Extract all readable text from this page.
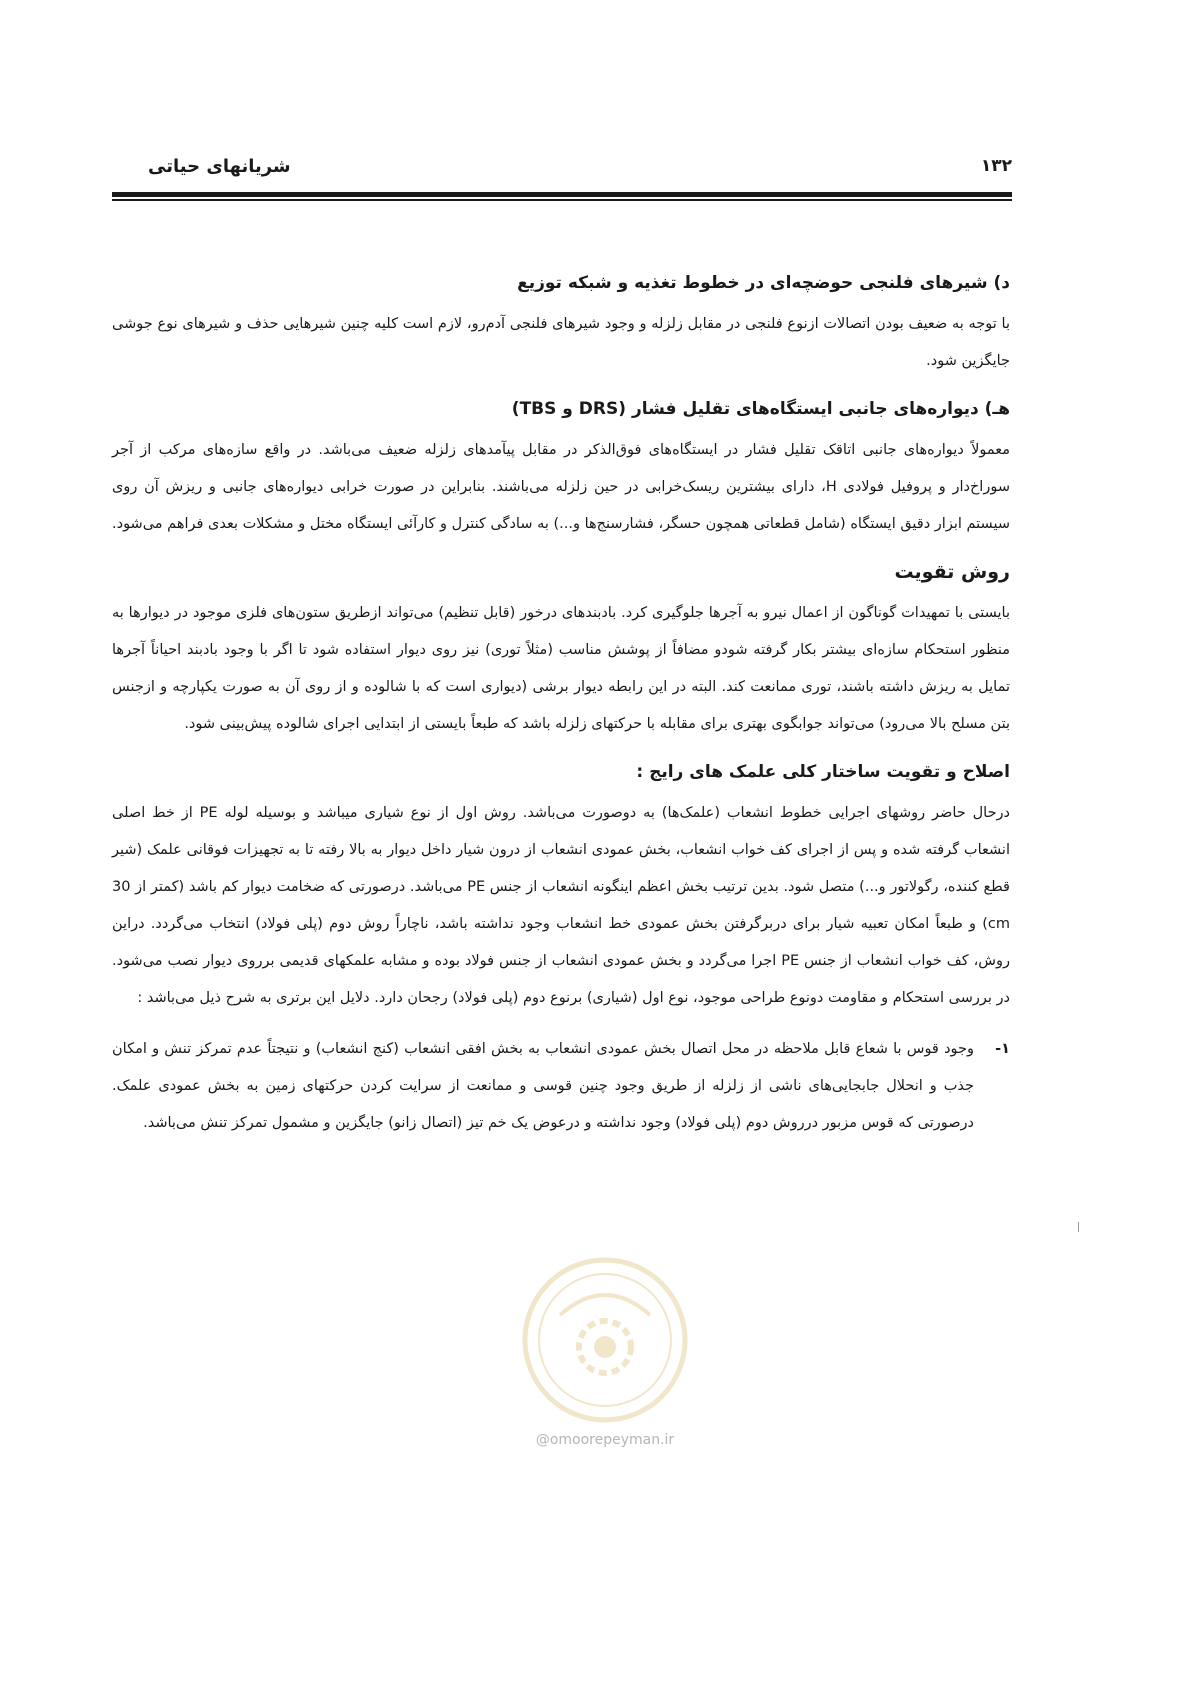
۱۳۲
شریانهای حیاتی
د) شیرهای فلنجی حوضچه‌ای در خطوط تغذیه و شبکه توزیع

با توجه به ضعیف بودن اتصالات ازنوع فلنجی در مقابل زلزله و وجود شیرهای فلنجی آدم‌رو، لازم است کلیه چنین شیرهایی حذف و شیرهای نوع جوشی جایگزین شود.

هـ) دیواره‌های جانبی ایستگاه‌های تقلیل فشار (DRS و TBS)

معمولاً دیواره‌های جانبی اتاقک تقلیل فشار در ایستگاه‌های فوق‌الذکر در مقابل پیآمدهای زلزله ضعیف می‌باشد. در واقع سازه‌های مرکب از آجر سوراخ‌دار و پروفیل فولادی H، دارای بیشترین ریسک‌خرابی در حین زلزله می‌باشند. بنابراین در صورت خرابی دیواره‌های جانبی و ریزش آن روی سیستم ابزار دقیق ایستگاه (شامل قطعاتی همچون حسگر، فشارسنج‌ها و...) به سادگی کنترل و کارآئی ایستگاه مختل و مشکلات بعدی فراهم می‌شود.

روش تقویت

بایستی با تمهیدات گوناگون از اعمال نیرو به آجرها جلوگیری کرد. بادبندهای درخور (قابل تنظیم) می‌تواند ازطریق ستون‌های فلزی موجود در دیوارها به منظور استحکام سازه‌ای بیشتر بکار گرفته شودو مضافاً از پوشش مناسب (مثلاً توری) نیز روی دیوار استفاده شود تا اگر با وجود بادبند احیاناً آجرها تمایل به ریزش داشته باشند، توری ممانعت کند. البته در این رابطه دیوار برشی (دیواری است که با شالوده و از روی آن به صورت یکپارچه و ازجنس بتن مسلح بالا می‌رود) می‌تواند جوابگوی بهتری برای مقابله با حرکتهای زلزله باشد که طبعاً بایستی از ابتدایی اجرای شالوده پیش‌بینی شود.

اصلاح و تقویت ساختار کلی علمک های رایج :

درحال حاضر روشهای اجرایی خطوط انشعاب (علمک‌ها) به دوصورت می‌باشد. روش اول از نوع شیاری میباشد و بوسیله لوله PE از خط اصلی انشعاب گرفته شده و پس از اجرای کف خواب انشعاب، بخش عمودی انشعاب از درون شیار داخل دیوار به بالا رفته تا به تجهیزات فوقانی علمک (شیر قطع کننده، رگولاتور و...) متصل شود. بدین ترتیب بخش اعظم اینگونه انشعاب از جنس PE می‌باشد. درصورتی که ضخامت دیوار کم باشد (کمتر از 30 cm) و طبعاً امکان تعبیه شیار برای دربرگرفتن بخش عمودی خط انشعاب وجود نداشته باشد، ناچاراً روش دوم (پلی فولاد) انتخاب می‌گردد. دراین روش، کف خواب انشعاب از جنس PE اجرا می‌گردد و بخش عمودی انشعاب از جنس فولاد بوده و مشابه علمکهای قدیمی برروی دیوار نصب می‌شود. در بررسی استحکام و مقاومت دونوع طراحی موجود، نوع اول (شیاری) برنوع دوم (پلی فولاد) رجحان دارد. دلایل این برتری به شرح ذیل می‌باشد :

۱-
وجود قوس با شعاع قابل ملاحظه در محل اتصال بخش عمودی انشعاب به بخش افقی انشعاب (کنج انشعاب) و نتیجتاً عدم تمرکز تنش و امکان جذب و انحلال جابجایی‌های ناشی از زلزله از طریق وجود چنین قوسی و ممانعت از سرایت کردن حرکتهای زمین به بخش عمودی علمک. درصورتی که قوس مزبور درروش دوم (پلی فولاد) وجود نداشته و درعوض یک خم تیز (اتصال زانو) جایگزین و مشمول تمرکز تنش می‌باشد.
@omoorepeyman.ir
